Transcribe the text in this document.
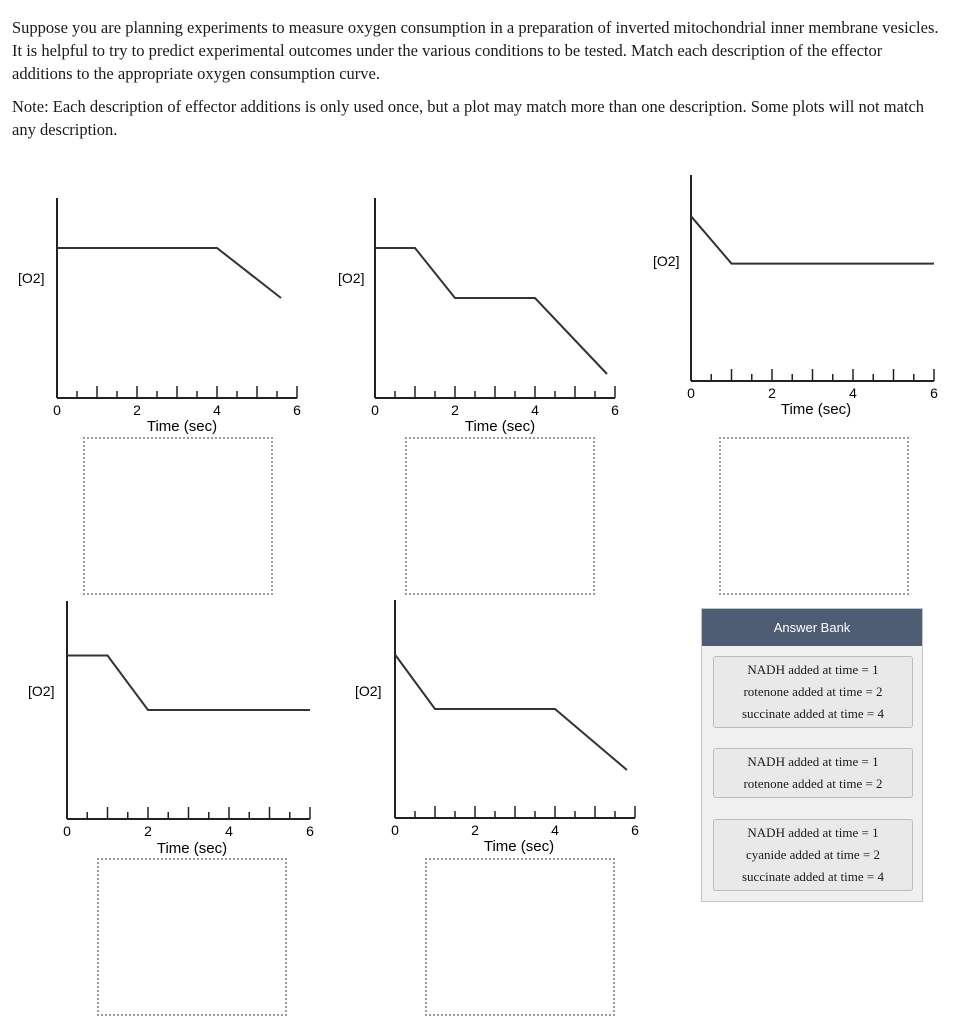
Suppose you are planning experiments to measure oxygen consumption in a preparation of inverted mitochondrial inner membrane vesicles. It is helpful to try to predict experimental outcomes under the various conditions to be tested. Match each description of the effector additions to the appropriate oxygen consumption curve.

Note: Each description of effector additions is only used once, but a plot may match more than one description. Some plots will not match any description.

[O2]
Time (sec)
0	2	4	6
[O2]
Time (sec)
0	2	4	6
[O2]
Time (sec)
0	2	4	6
[O2]
Time (sec)
0	2	4	6
[O2]
Time (sec)
0	2	4	6
Answer Bank
NADH added at time = 1
rotenone added at time = 2
succinate added at time = 4
NADH added at time = 1
rotenone added at time = 2
NADH added at time = 1
cyanide added at time = 2
succinate added at time = 4
